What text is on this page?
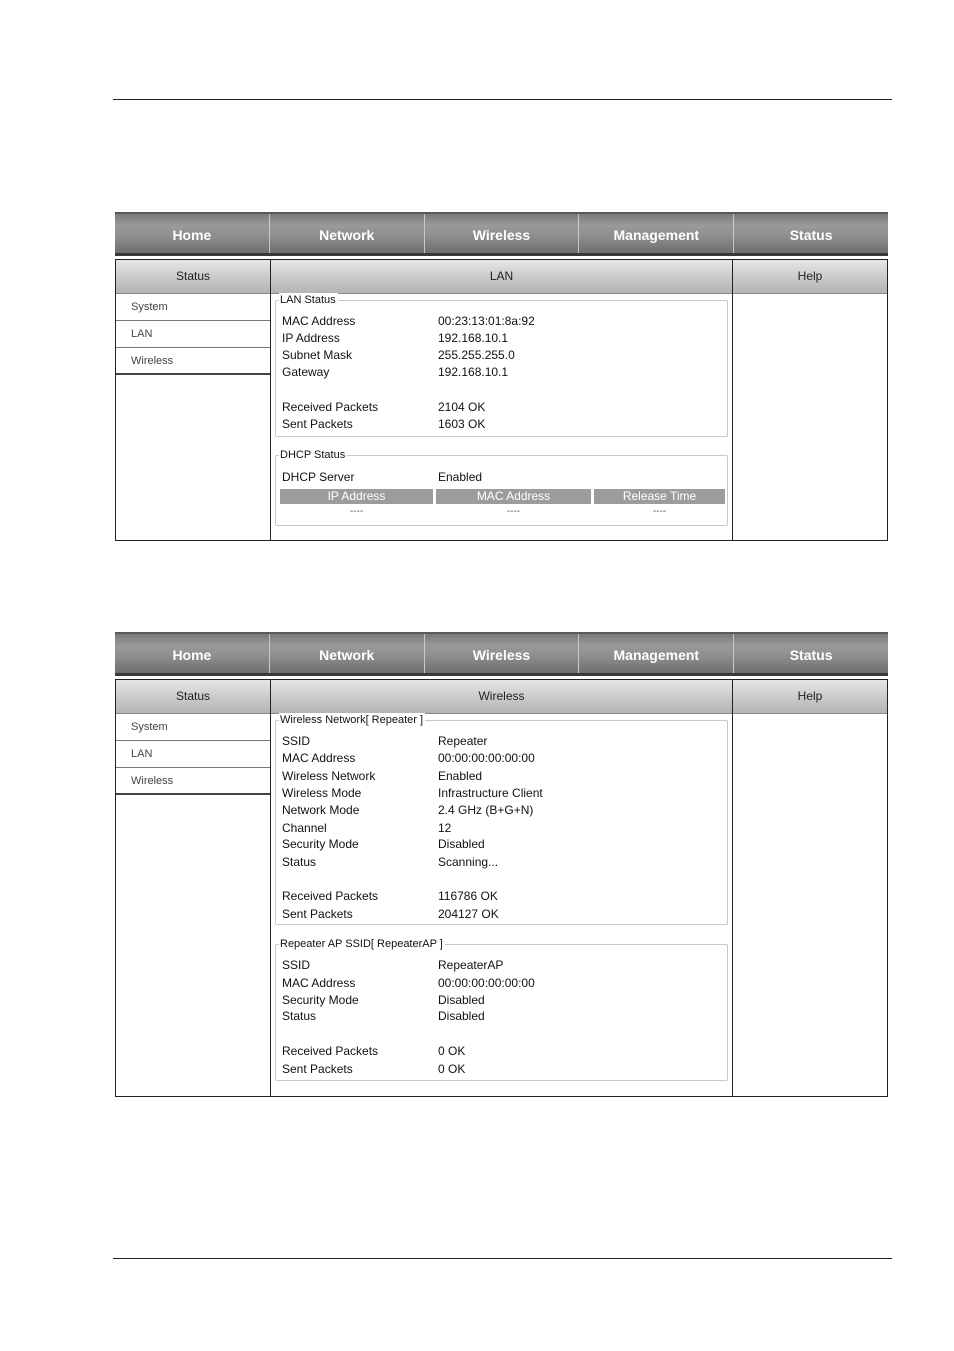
Home	Network	Wireless	Management	Status
Status
System
LAN
Wireless
LAN
LAN Status
MAC Address	00:23:13:01:8a:92
IP Address	192.168.10.1
Subnet Mask	255.255.255.0
Gateway	192.168.10.1
Received Packets	2104 OK
Sent Packets	1603 OK
DHCP Status
DHCP Server	Enabled
IP Address	MAC Address	Release Time
----	----	----
Help
Home	Network	Wireless	Management	Status
Status
System
LAN
Wireless
Wireless
Wireless Network[ Repeater ]
SSID	Repeater
MAC Address	00:00:00:00:00:00
Wireless Network	Enabled
Wireless Mode	Infrastructure Client
Network Mode	2.4 GHz (B+G+N)
Channel	12
Security Mode	Disabled
Status	Scanning...
Received Packets	116786 OK
Sent Packets	204127 OK
Repeater AP SSID[ RepeaterAP ]
SSID	RepeaterAP
MAC Address	00:00:00:00:00:00
Security Mode	Disabled
Status	Disabled
Received Packets	0 OK
Sent Packets	0 OK
Help
